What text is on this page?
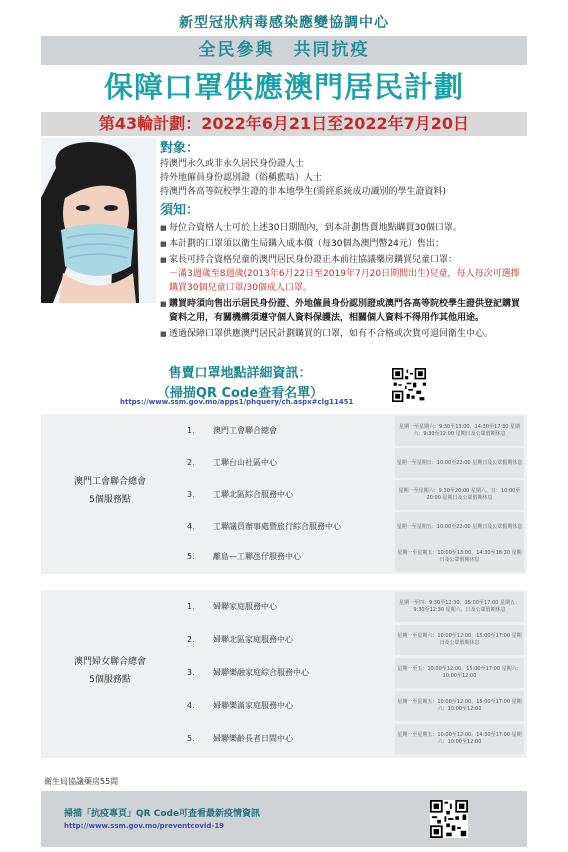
新型冠狀病毒感染應變協調中心
全民參與　共同抗疫
保障口罩供應澳門居民計劃
第43輪計劃：2022年6月21日至2022年7月20日
對象：
持澳門永久或非永久居民身份證人士
持外地僱員身份認別證（俗稱藍咭）人士
持澳門各高等院校學生證的非本地學生(需經系統成功識別的學生證資料)
須知：
■ 每位合資格人士可於上述30日期間內，到本計劃售賣地點購買30個口罩。
■ 本計劃的口罩須以衛生局購入成本價（每30個為澳門幣24元）售出；
■ 家長可持合資格兒童的澳門居民身份證正本前往協議藥房購買兒童口罩：
－滿3週歲至8週歲(2013年6月22日至2019年7月20日期間出生)兒童，每人每次可選擇購買30個兒童口罩/30個成人口罩。
■ 購買時須向售出示居民身份證、外地僱員身份認別證或澳門各高等院校學生證供登記購買資料之用，有關機構須遵守個人資料保護法，相關個人資料不得用作其他用途。
■ 透過保障口罩供應澳門居民計劃購買的口罩，如有不合格或次貨可退回衛生中心。
售賣口罩地點詳細資訊：
（掃描QR Code查看名單）
https://www.ssm.gov.mo/apps1/phquery/ch.aspx#clg11451
澳門工會聯合總會
5個服務點
1.	澳門工會聯合總會	星期一至星期六：9:30至13:00、14:30至17:30 星期六：9:30至12:00 星期日及公眾假期休息
2.	工聯台山社區中心	星期一至星期日：10:00至22:00 星期日及公眾假期休息
3.	工聯北區綜合服務中心	星期一至星期六：9:30至20:00 星期六、日：10:00至20:00 星期日及公眾假期休息
4.	工聯議員辦事處暨旅行綜合服務中心	星期一至星期五：10:00至22:00 星期日及公眾假期休息
5.	離島—工聯氹仔服務中心	星期一至星期五：10:00至13:00、14:30至18:30 星期日及公眾假期休息
澳門婦女聯合總會
5個服務點
1.	婦聯家庭服務中心	星期一至四：9:30至12:30、15:00至17:00 星期五：9:30至12:30 星期六、日及公眾假期休息
2.	婦聯北區家庭服務中心	星期一至星期六：10:00至12:00、15:00至17:00 星期日及公眾假期休息
3.	婦聯樂融家庭綜合服務中心	星期一至五：10:00至12:00、15:00至17:00 星期六：10:00至12:00
4.	婦聯樂滿家庭服務中心	星期一至星期五：10:00至12:00、15:00至17:00 星期六：10:00至12:00
5.	婦聯樂齡長者日間中心	星期一至星期五：10:00至12:00、14:30至17:00 星期六：10:00至12:00
衛生局協議藥房55間
掃描「抗疫專頁」QR Code可查看最新疫情資訊
http://www.ssm.gov.mo/preventcovid-19
